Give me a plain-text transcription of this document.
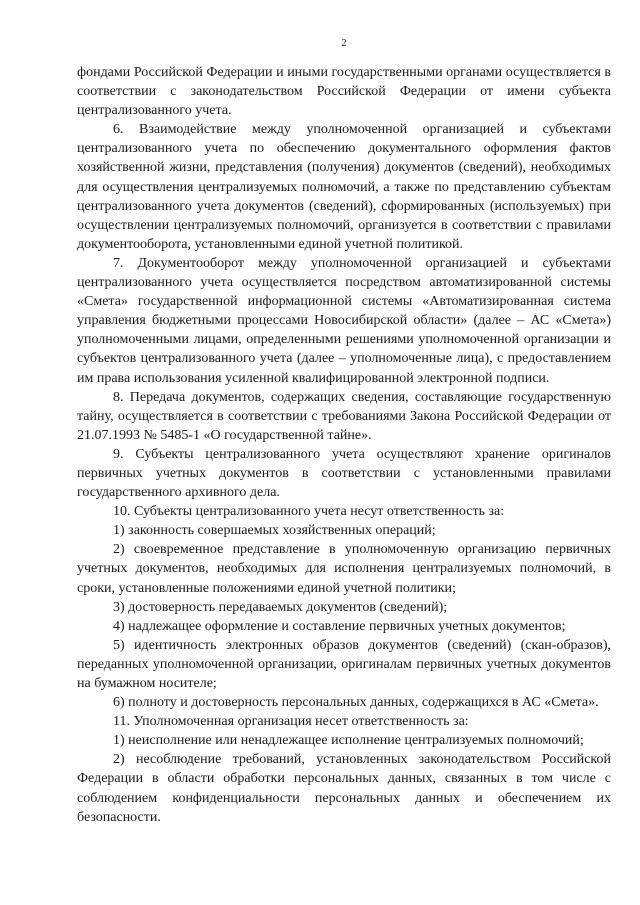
2

фондами Российской Федерации и иными государственными органами осуществляется в соответствии с законодательством Российской Федерации от имени субъекта централизованного учета.

6. Взаимодействие между уполномоченной организацией и субъектами централизованного учета по обеспечению документального оформления фактов хозяйственной жизни, представления (получения) документов (сведений), необходимых для осуществления централизуемых полномочий, а также по представлению субъектам централизованного учета документов (сведений), сформированных (используемых) при осуществлении централизуемых полномочий, организуется в соответствии с правилами документооборота, установленными единой учетной политикой.

7. Документооборот между уполномоченной организацией и субъектами централизованного учета осуществляется посредством автоматизированной системы «Смета» государственной информационной системы «Автоматизированная система управления бюджетными процессами Новосибирской области» (далее – АС «Смета») уполномоченными лицами, определенными решениями уполномоченной организации и субъектов централизованного учета (далее – уполномоченные лица), с предоставлением им права использования усиленной квалифицированной электронной подписи.

8. Передача документов, содержащих сведения, составляющие государственную тайну, осуществляется в соответствии с требованиями Закона Российской Федерации от 21.07.1993 № 5485-1 «О государственной тайне».

9. Субъекты централизованного учета осуществляют хранение оригиналов первичных учетных документов в соответствии с установленными правилами государственного архивного дела.

10. Субъекты централизованного учета несут ответственность за:

1) законность совершаемых хозяйственных операций;

2) своевременное представление в уполномоченную организацию первичных учетных документов, необходимых для исполнения централизуемых полномочий, в сроки, установленные положениями единой учетной политики;

3) достоверность передаваемых документов (сведений);

4) надлежащее оформление и составление первичных учетных документов;

5) идентичность электронных образов документов (сведений) (скан-образов), переданных уполномоченной организации, оригиналам первичных учетных документов на бумажном носителе;

6) полноту и достоверность персональных данных, содержащихся в АС «Смета».

11. Уполномоченная организация несет ответственность за:

1) неисполнение или ненадлежащее исполнение централизуемых полномочий;

2) несоблюдение требований, установленных законодательством Российской Федерации в области обработки персональных данных, связанных в том числе с соблюдением конфиденциальности персональных данных и обеспечением их безопасности.
